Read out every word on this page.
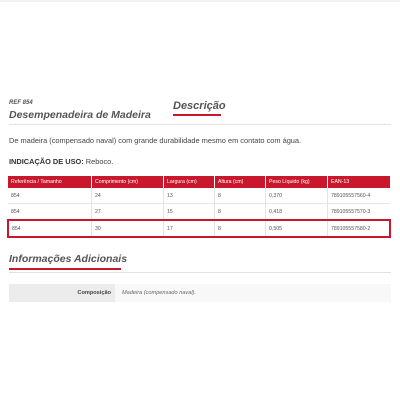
REF 854
Desempenadeira de Madeira
Descrição
De madeira (compensado naval) com grande durabilidade mesmo em contato com água.
INDICAÇÃO DE USO: Reboco.
Referência / Tamanho	Comprimento (cm)	Largura (cm)	Altura (cm)	Peso Líquido (kg)	EAN-13
854	24	13	8	0,370	789105557560-4
854	27	15	8	0,418	789105557570-3
854	30	17	8	0,505	789105557580-2
Informações Adicionais
Composição	Madeira (compensado naval).
